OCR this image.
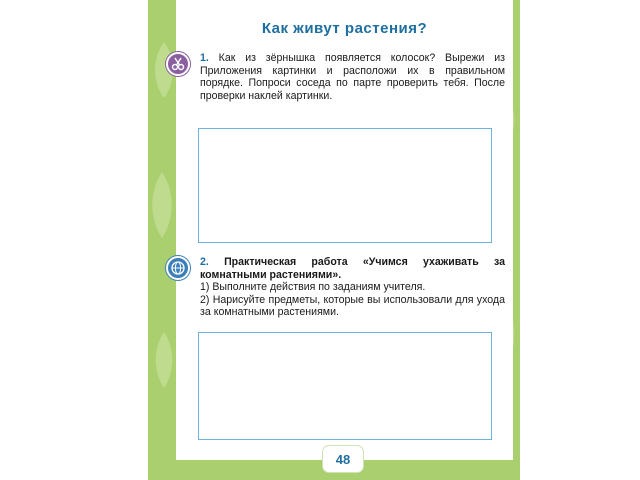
Как живут растения?
1. Как из зёрнышка появляется колосок? Вырежи из Приложения картинки и расположи их в правильном порядке. Попроси соседа по парте проверить тебя. После проверки наклей картинки.
2. Практическая работа «Учимся ухаживать за комнатными растениями».
1) Выполните действия по заданиям учителя.
2) Нарисуйте предметы, которые вы использовали для ухода за комнатными растениями.
48
